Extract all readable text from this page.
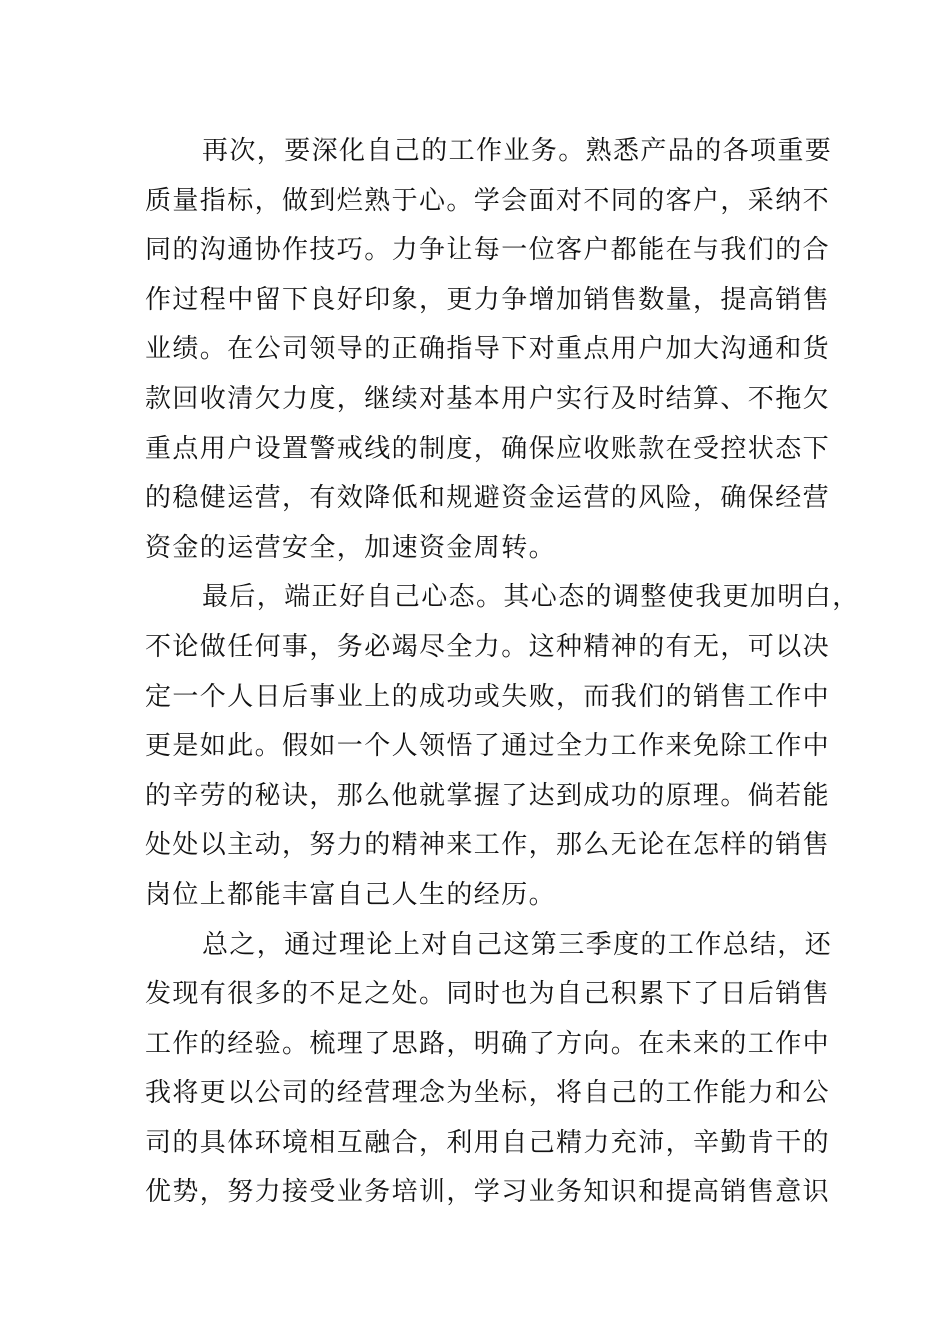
再次，要深化自己的工作业务。熟悉产品的各项重要
质量指标，做到烂熟于心。学会面对不同的客户，采纳不
同的沟通协作技巧。力争让每一位客户都能在与我们的合
作过程中留下良好印象，更力争增加销售数量，提高销售
业绩。在公司领导的正确指导下对重点用户加大沟通和货
款回收清欠力度，继续对基本用户实行及时结算、不拖欠
重点用户设置警戒线的制度，确保应收账款在受控状态下
的稳健运营，有效降低和规避资金运营的风险，确保经营
资金的运营安全，加速资金周转。
最后，端正好自己心态。其心态的调整使我更加明白，
不论做任何事，务必竭尽全力。这种精神的有无，可以决
定一个人日后事业上的成功或失败，而我们的销售工作中
更是如此。假如一个人领悟了通过全力工作来免除工作中
的辛劳的秘诀，那么他就掌握了达到成功的原理。倘若能
处处以主动，努力的精神来工作，那么无论在怎样的销售
岗位上都能丰富自己人生的经历。
总之，通过理论上对自己这第三季度的工作总结，还
发现有很多的不足之处。同时也为自己积累下了日后销售
工作的经验。梳理了思路，明确了方向。在未来的工作中
我将更以公司的经营理念为坐标，将自己的工作能力和公
司的具体环境相互融合，利用自己精力充沛，辛勤肯干的
优势，努力接受业务培训，学习业务知识和提高销售意识
